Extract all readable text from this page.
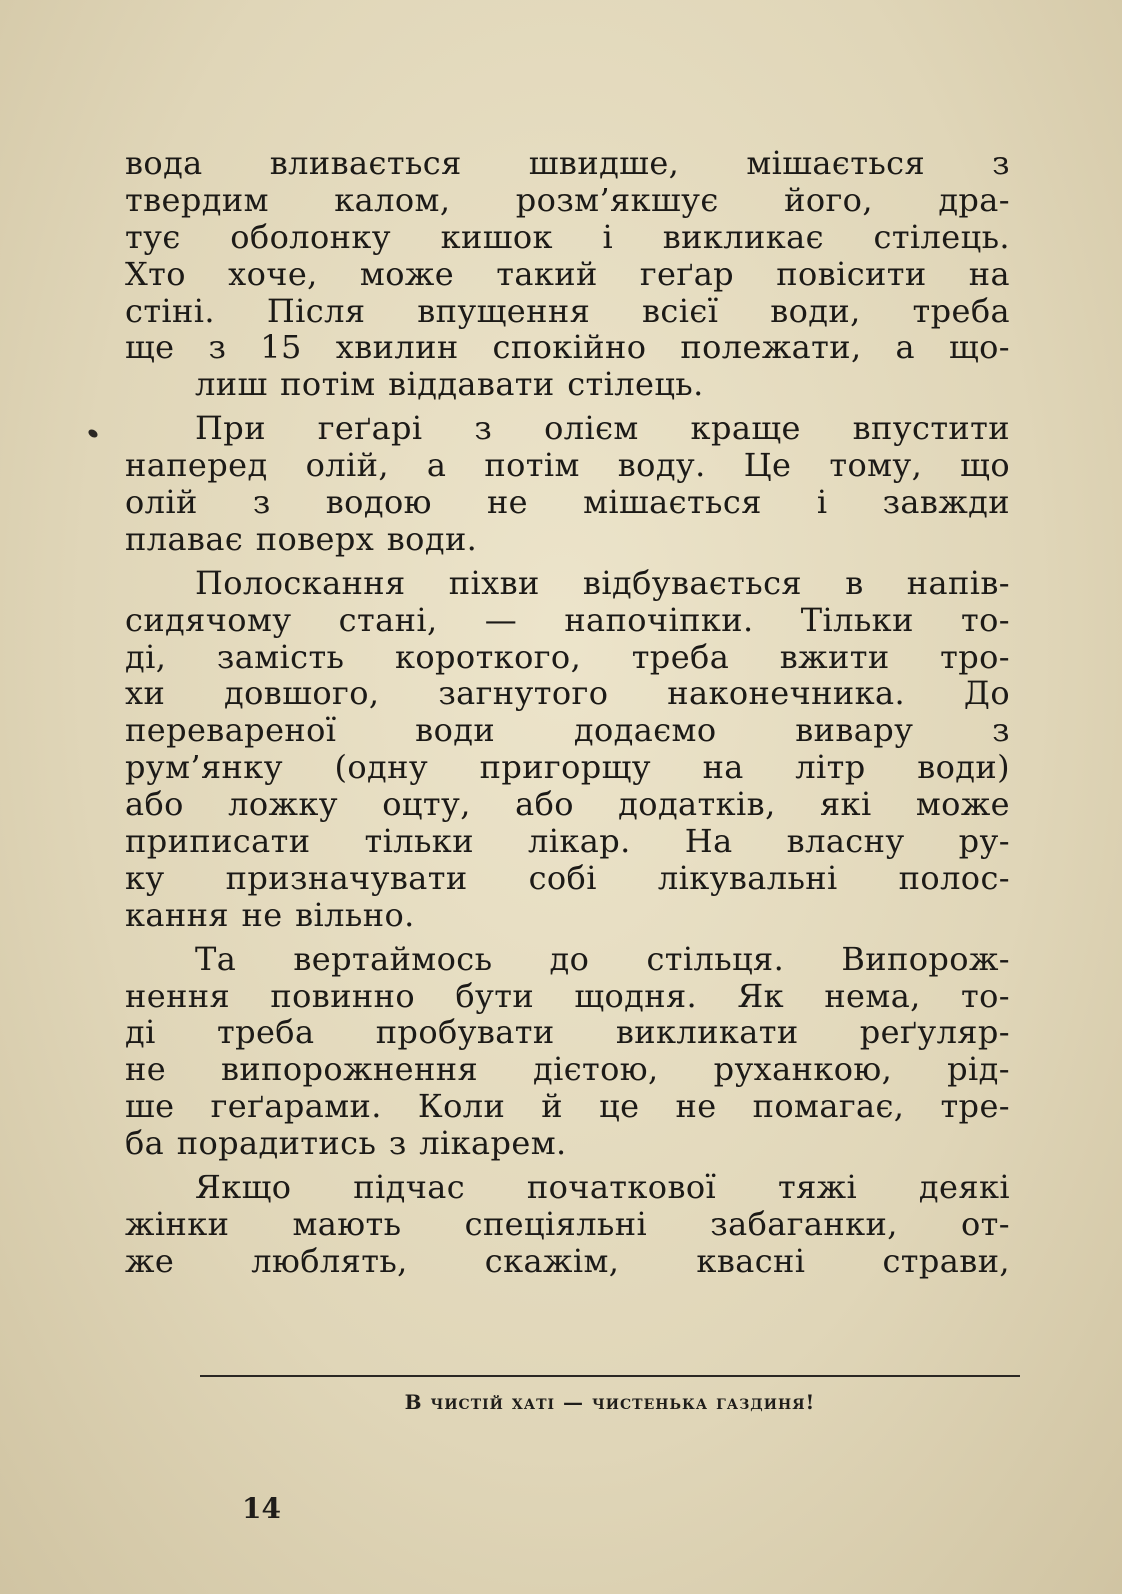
вода вливається швидше, мішається з
твердим калом, розм’якшує його, дра-
тує оболонку кишок і викликає стілець.
Хто хоче, може такий геґар повісити на
стіні. Після впущення всієї води, треба
ще з 15 хвилин спокійно полежати, а що-
лиш потім віддавати стілець.

При геґарі з олієм краще впустити
наперед олій, а потім воду. Це тому, що
олій з водою не мішається і завжди
плаває поверх води.

Полоскання піхви відбувається в напів-
сидячому стані, — напочіпки. Тільки то-
ді, замість короткого, треба вжити тро-
хи довшого, загнутого наконечника. До
переваренoї води додаємо вивару з
рум’янку (одну пригорщу на літр води)
або ложку оцту, або додатків, які може
приписати тільки лікар. На власну ру-
ку призначувати собі лікувальні полос-
кання не вільно.

Та вертаймось до стільця. Випорож-
нення повинно бути щодня. Як нема, то-
ді треба пробувати викликати реґуляр-
не випорожнення дієтою, руханкою, рід-
ше геґарами. Коли й це не помагає, тре-
ба порадитись з лікарем.

Якщо підчас початкової тяжі деякі
жінки мають спеціяльні забаганки, от-
же люблять, скажім, квасні страви,

В чистій хаті — чистенька газдиня!
14
